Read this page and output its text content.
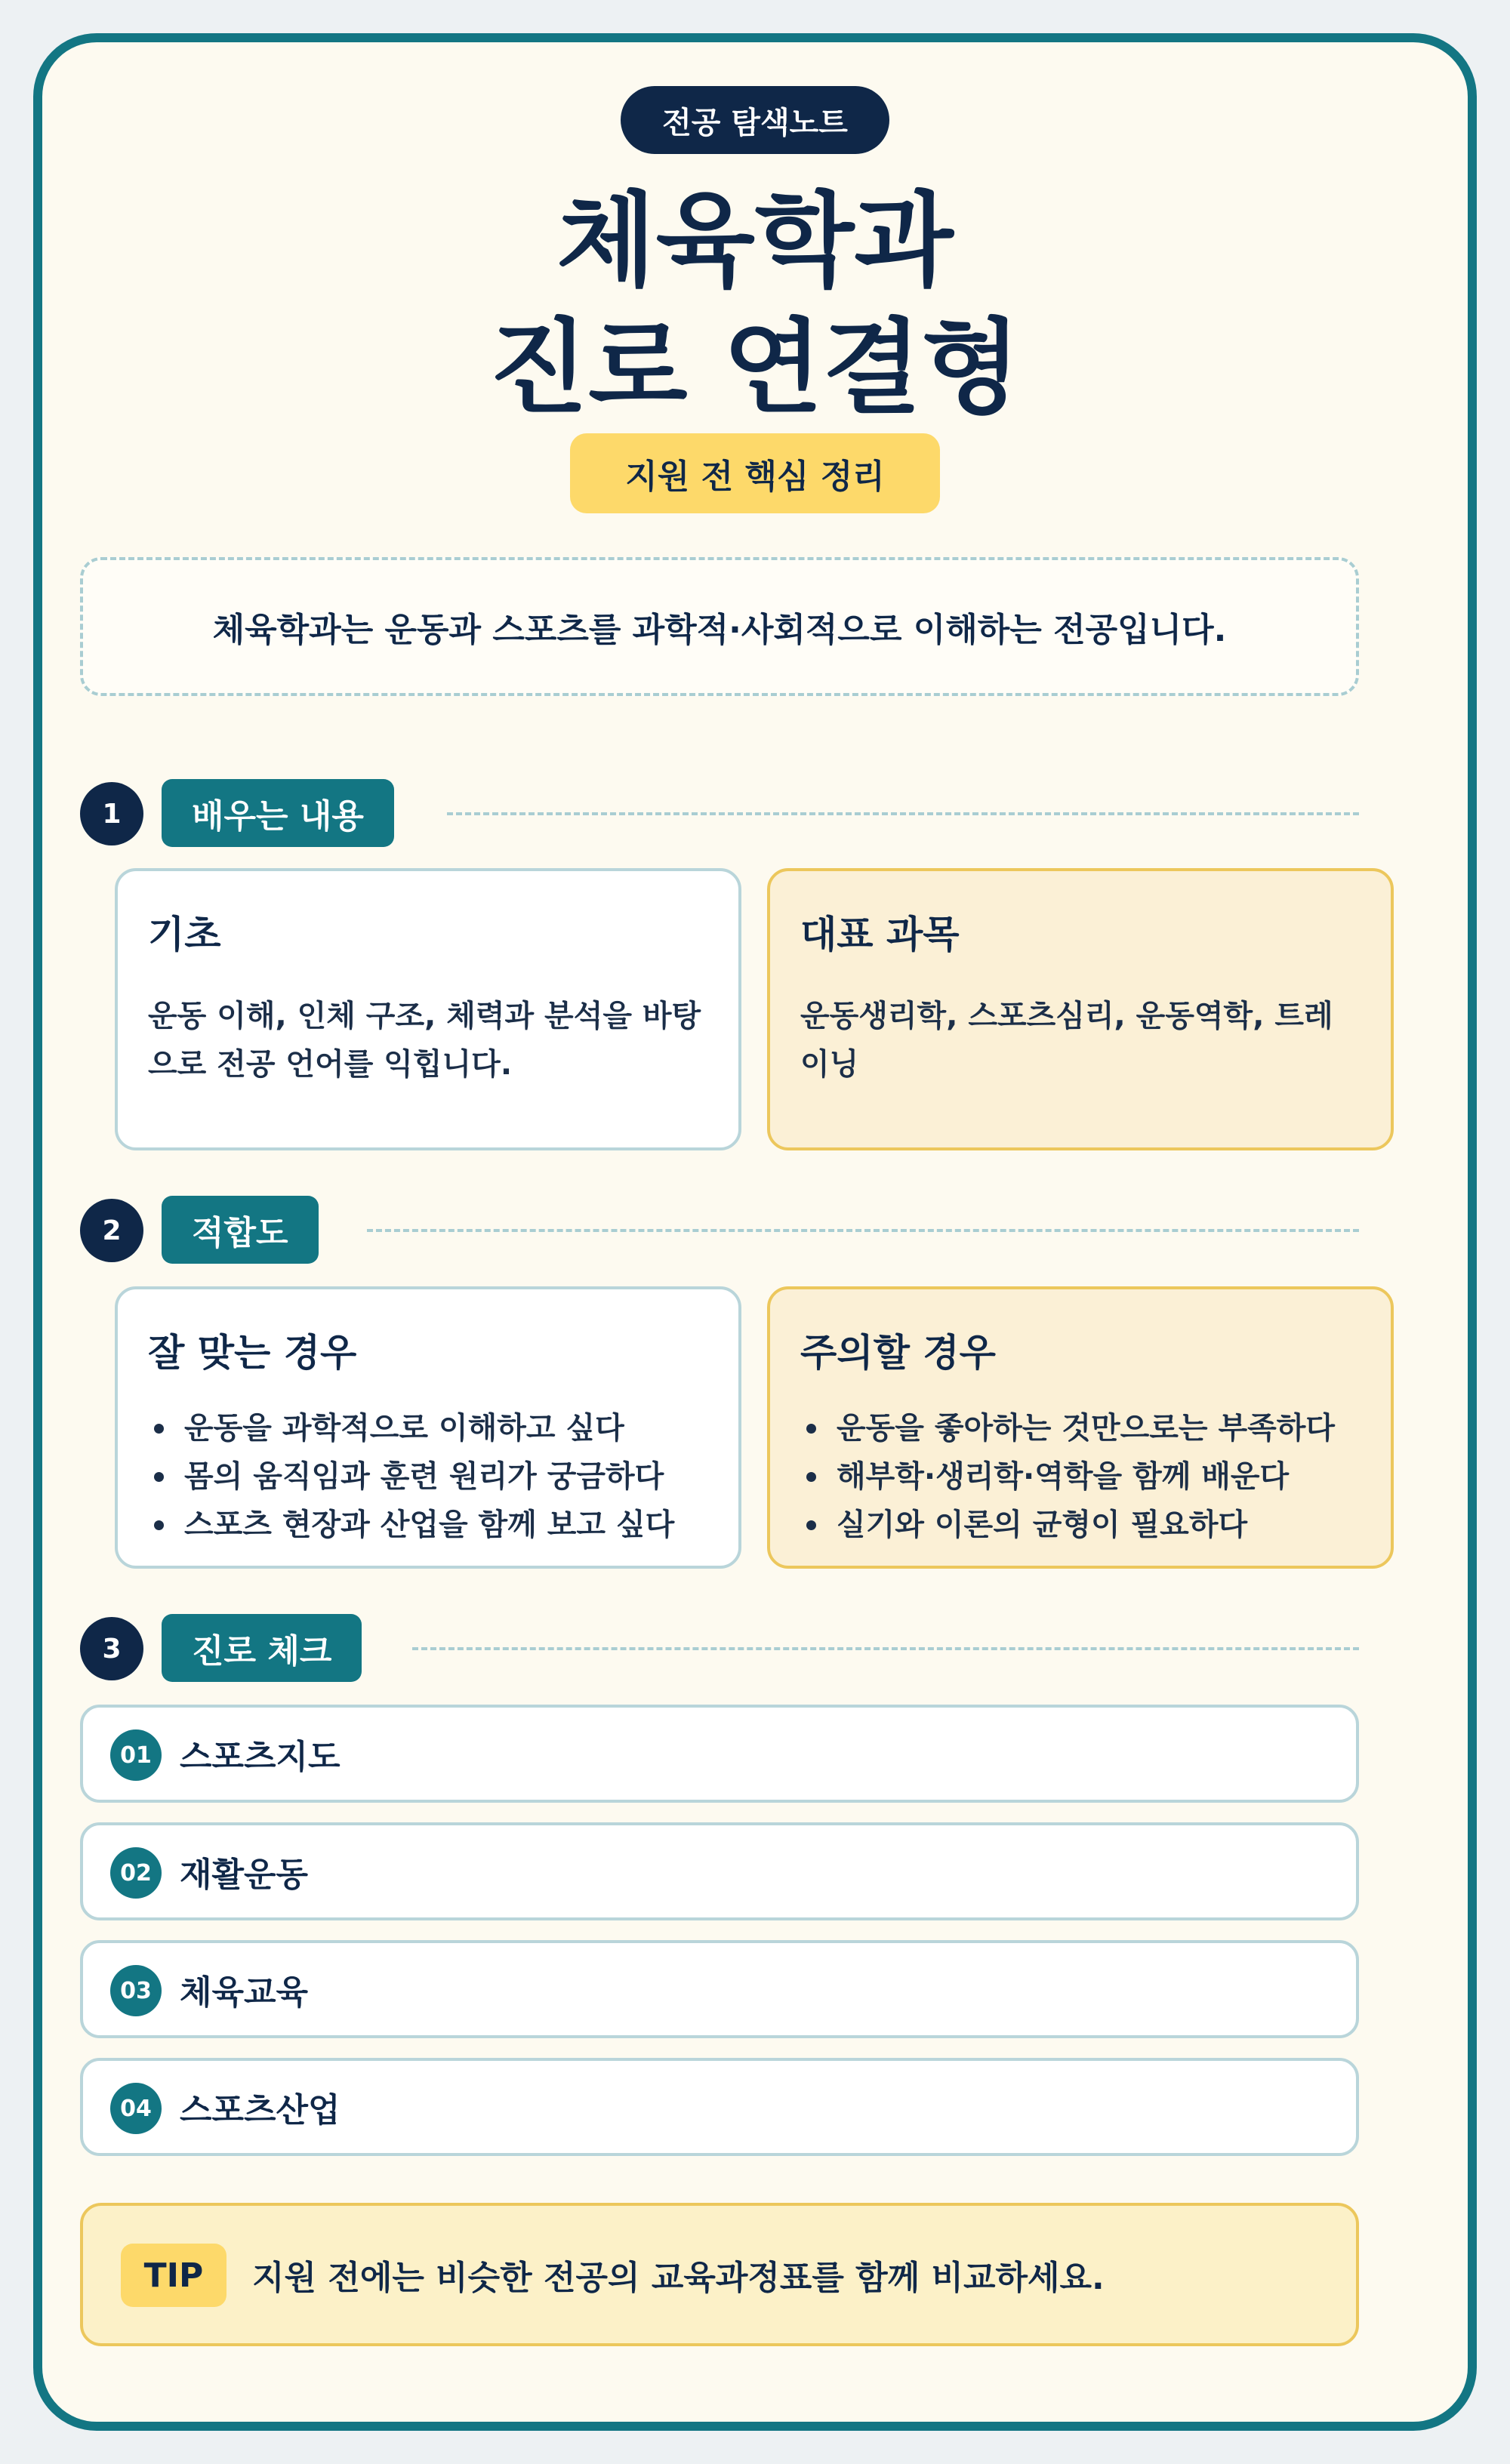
전공 탐색노트
체육학과
진로 연결형
지원 전 핵심 정리
체육학과는 운동과 스포츠를 과학적·사회적으로 이해하는 전공입니다.
1	배우는 내용
기초

운동 이해, 인체 구조, 체력과 분석을 바탕으로 전공 언어를 익힙니다.

대표 과목

운동생리학, 스포츠심리, 운동역학, 트레이닝

2	적합도
잘 맞는 경우
운동을 과학적으로 이해하고 싶다
몸의 움직임과 훈련 원리가 궁금하다
스포츠 현장과 산업을 함께 보고 싶다
주의할 경우
운동을 좋아하는 것만으로는 부족하다
해부학·생리학·역학을 함께 배운다
실기와 이론의 균형이 필요하다
3	진로 체크
01 스포츠지도
02 재활운동
03 체육교육
04 스포츠산업
TIP	지원 전에는 비슷한 전공의 교육과정표를 함께 비교하세요.
